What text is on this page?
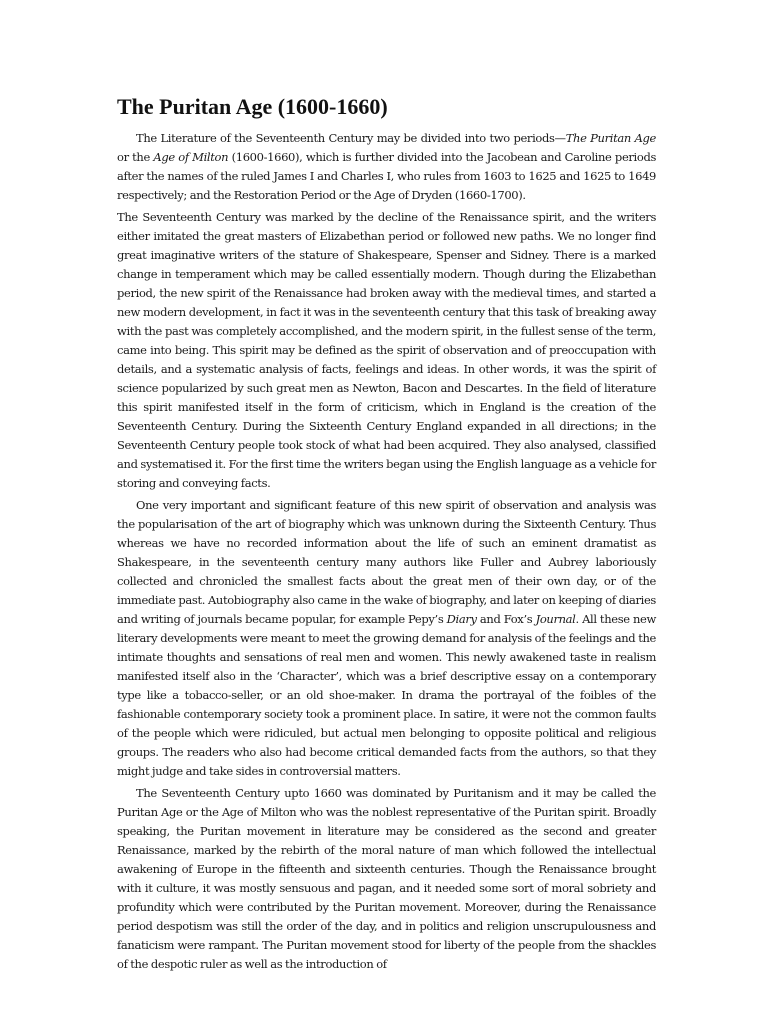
The Puritan Age (1600-1660)

The Literature of the Seventeenth Century may be divided into two periods—The Puritan Age or the Age of Milton (1600-1660), which is further divided into the Jacobean and Caroline periods after the names of the ruled James I and Charles I, who rules from 1603 to 1625 and 1625 to 1649 respectively; and the Restoration Period or the Age of Dryden (1660-1700).

The Seventeenth Century was marked by the decline of the Renaissance spirit, and the writers either imitated the great masters of Elizabethan period or followed new paths. We no longer find great imaginative writers of the stature of Shakespeare, Spenser and Sidney. There is a marked change in temperament which may be called essentially modern. Though during the Elizabethan period, the new spirit of the Renaissance had broken away with the medieval times, and started a new modern development, in fact it was in the seventeenth century that this task of breaking away with the past was completely accomplished, and the modern spirit, in the fullest sense of the term, came into being. This spirit may be defined as the spirit of observation and of preoccupation with details, and a systematic analysis of facts, feelings and ideas. In other words, it was the spirit of science popularized by such great men as Newton, Bacon and Descartes. In the field of literature this spirit manifested itself in the form of criticism, which in England is the creation of the Seventeenth Century. During the Sixteenth Century England expanded in all directions; in the Seventeenth Century people took stock of what had been acquired. They also analysed, classified and systematised it. For the first time the writers began using the English language as a vehicle for storing and conveying facts.

One very important and significant feature of this new spirit of observation and analysis was the popularisation of the art of biography which was unknown during the Sixteenth Century. Thus whereas we have no recorded information about the life of such an eminent dramatist as Shakespeare, in the seventeenth century many authors like Fuller and Aubrey laboriously collected and chronicled the smallest facts about the great men of their own day, or of the immediate past. Autobiography also came in the wake of biography, and later on keeping of diaries and writing of journals became popular, for example Pepy’s Diary and Fox’s Journal. All these new literary developments were meant to meet the growing demand for analysis of the feelings and the intimate thoughts and sensations of real men and women. This newly awakened taste in realism manifested itself also in the ‘Character’, which was a brief descriptive essay on a contemporary type like a tobacco-seller, or an old shoe-maker. In drama the portrayal of the foibles of the fashionable contemporary society took a prominent place. In satire, it were not the common faults of the people which were ridiculed, but actual men belonging to opposite political and religious groups. The readers who also had become critical demanded facts from the authors, so that they might judge and take sides in controversial matters.

The Seventeenth Century upto 1660 was dominated by Puritanism and it may be called the Puritan Age or the Age of Milton who was the noblest representative of the Puritan spirit. Broadly speaking, the Puritan movement in literature may be considered as the second and greater Renaissance, marked by the rebirth of the moral nature of man which followed the intellectual awakening of Europe in the fifteenth and sixteenth centuries. Though the Renaissance brought with it culture, it was mostly sensuous and pagan, and it needed some sort of moral sobriety and profundity which were contributed by the Puritan movement. Moreover, during the Renaissance period despotism was still the order of the day, and in politics and religion unscrupulousness and fanaticism were rampant. The Puritan movement stood for liberty of the people from the shackles of the despotic ruler as well as the introduction of
